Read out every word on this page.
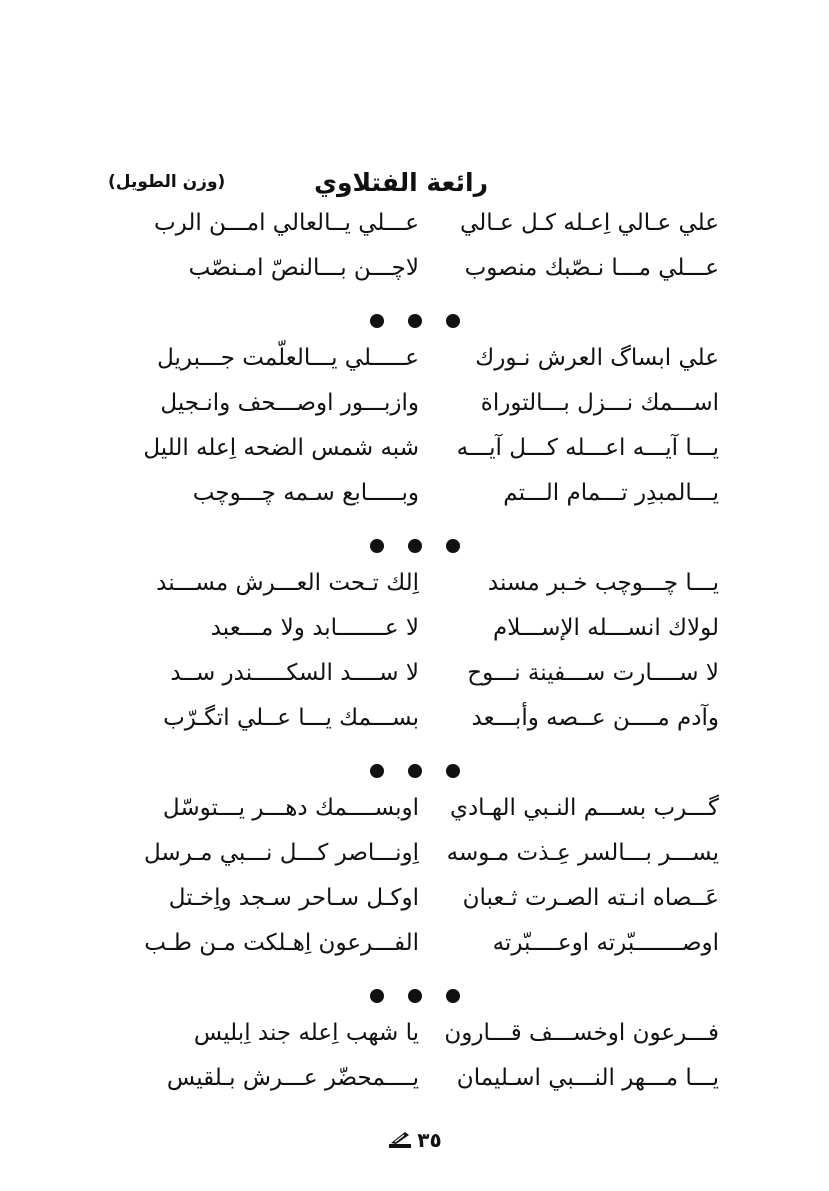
رائعة الفتلاوي
(وزن الطويل)
علي عـالي اِعـله كـل عـالي
عـــلي يــالعالي امـــن الرب
عـــلي مـــا نـصّبك منصوب
لاچـــن بـــالنصّ امـنصّب
علي ابساگ العرش نـورك
عـــــلي يـــالعلّمت جـــبريل
اســـمك نـــزل بـــالتوراة
وازبـــور اوصـــحف وانـجيل
يـــا آيـــه اعـــله كـــل آيـــه
شبه شمس الضحه اِعله الليل
يـــالمبدِر تـــمام الـــتم
وبـــــابع سـمه چـــوچب
يـــا چـــوچب خـبر مسند
اِلك تـحت العـــرش مســـند
لولاك انســـله الإســـلام
لا عـــــــابد ولا مـــعبد
لا ســــارت ســـفينة نـــوح
لا ســــد السكـــــندر ســد
وآدم مــــن عــصه وأبـــعد
بســـمك يـــا عــلي اتگـرّب
گـــرب بســـم النـبي الهـادي
اوبســــمك دهـــر يـــتوسّل
يســـر بـــالسر عِـذت مـوسه
اِونـــاصر كـــل نـــبي مـرسل
عَــصاه انـته الصـرت ثـعبان
اوكـل سـاحر سـجد واِخـتل
اوصـــــــبّرته اوعــــبّرته
الفـــرعون اِهـلكت مـن طـب
فـــرعون اوخســـف قـــارون
يا شهب اِعله جند اِبليس
يـــا مـــهر النـــبي اسـليمان
يــــمحضّر عـــرش بـلقيس
٣٥
